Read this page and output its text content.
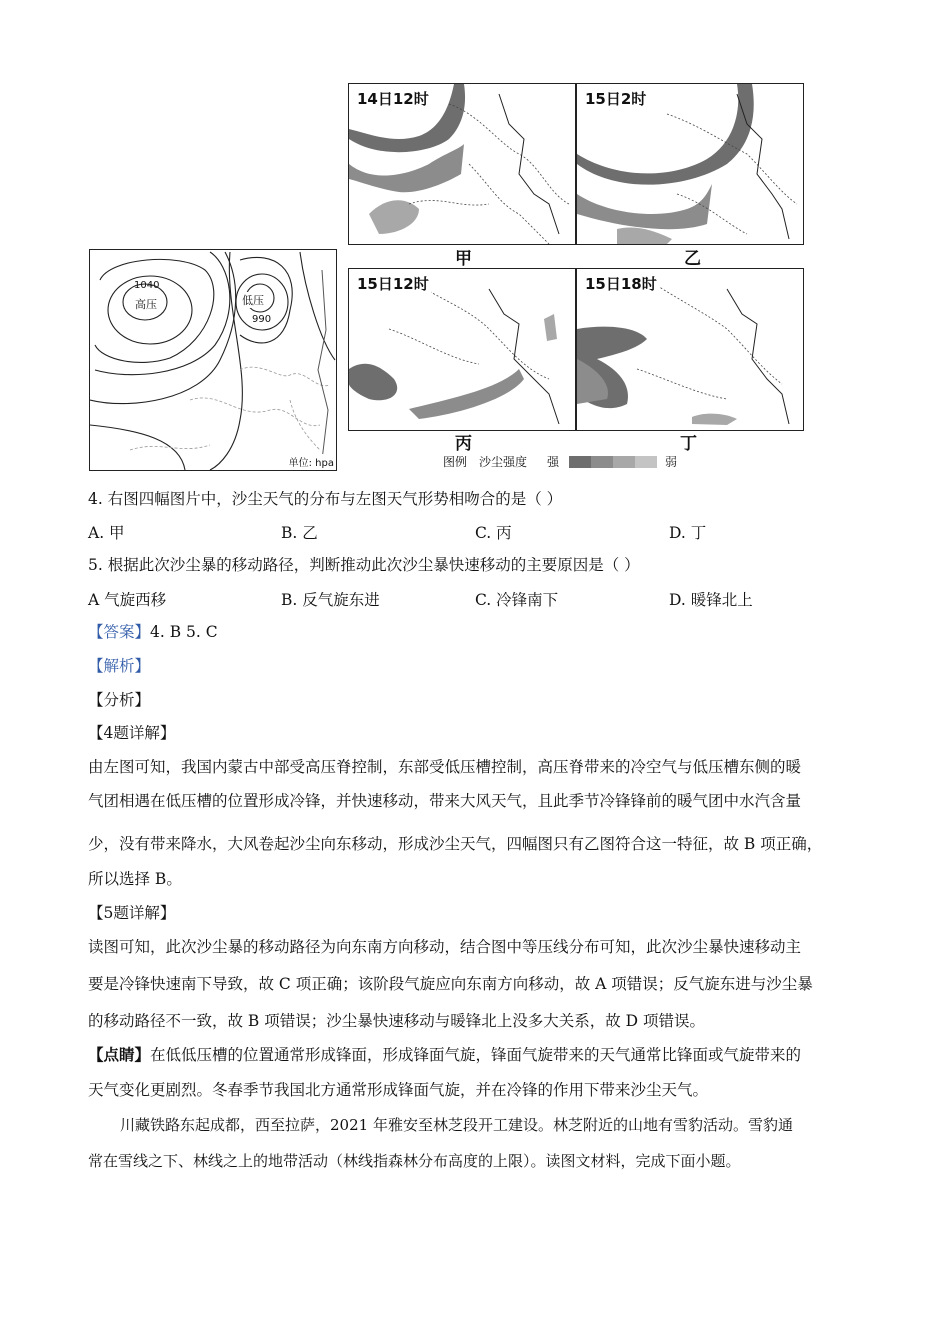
1040
高压	低压
990
单位: hpa
14日12时	15日2时
15日12时	15日18时
甲	乙
丙	丁
图例 沙尘强度 强	弱
4. 右图四幅图片中，沙尘天气的分布与左图天气形势相吻合的是（ ）
A. 甲	B. 乙	C. 丙	D. 丁
5. 根据此次沙尘暴的移动路径，判断推动此次沙尘暴快速移动的主要原因是（ ）
A 气旋西移	B. 反气旋东进	C. 冷锋南下	D. 暖锋北上
【答案】4. B 5. C
【解析】
【分析】
【4题详解】
由左图可知，我国内蒙古中部受高压脊控制，东部受低压槽控制，高压脊带来的冷空气与低压槽东侧的暖
气团相遇在低压槽的位置形成冷锋，并快速移动，带来大风天气，且此季节冷锋锋前的暖气团中水汽含量
少，没有带来降水，大风卷起沙尘向东移动，形成沙尘天气，四幅图只有乙图符合这一特征，故 B 项正确，
所以选择 B。
【5题详解】
读图可知，此次沙尘暴的移动路径为向东南方向移动，结合图中等压线分布可知，此次沙尘暴快速移动主
要是冷锋快速南下导致，故 C 项正确；该阶段气旋应向东南方向移动，故 A 项错误；反气旋东进与沙尘暴
的移动路径不一致，故 B 项错误；沙尘暴快速移动与暖锋北上没多大关系，故 D 项错误。
【点睛】在低低压槽的位置通常形成锋面，形成锋面气旋，锋面气旋带来的天气通常比锋面或气旋带来的
天气变化更剧烈。冬春季节我国北方通常形成锋面气旋，并在冷锋的作用下带来沙尘天气。
川藏铁路东起成都，西至拉萨，2021 年雅安至林芝段开工建设。林芝附近的山地有雪豹活动。雪豹通
常在雪线之下、林线之上的地带活动（林线指森林分布高度的上限）。读图文材料，完成下面小题。
